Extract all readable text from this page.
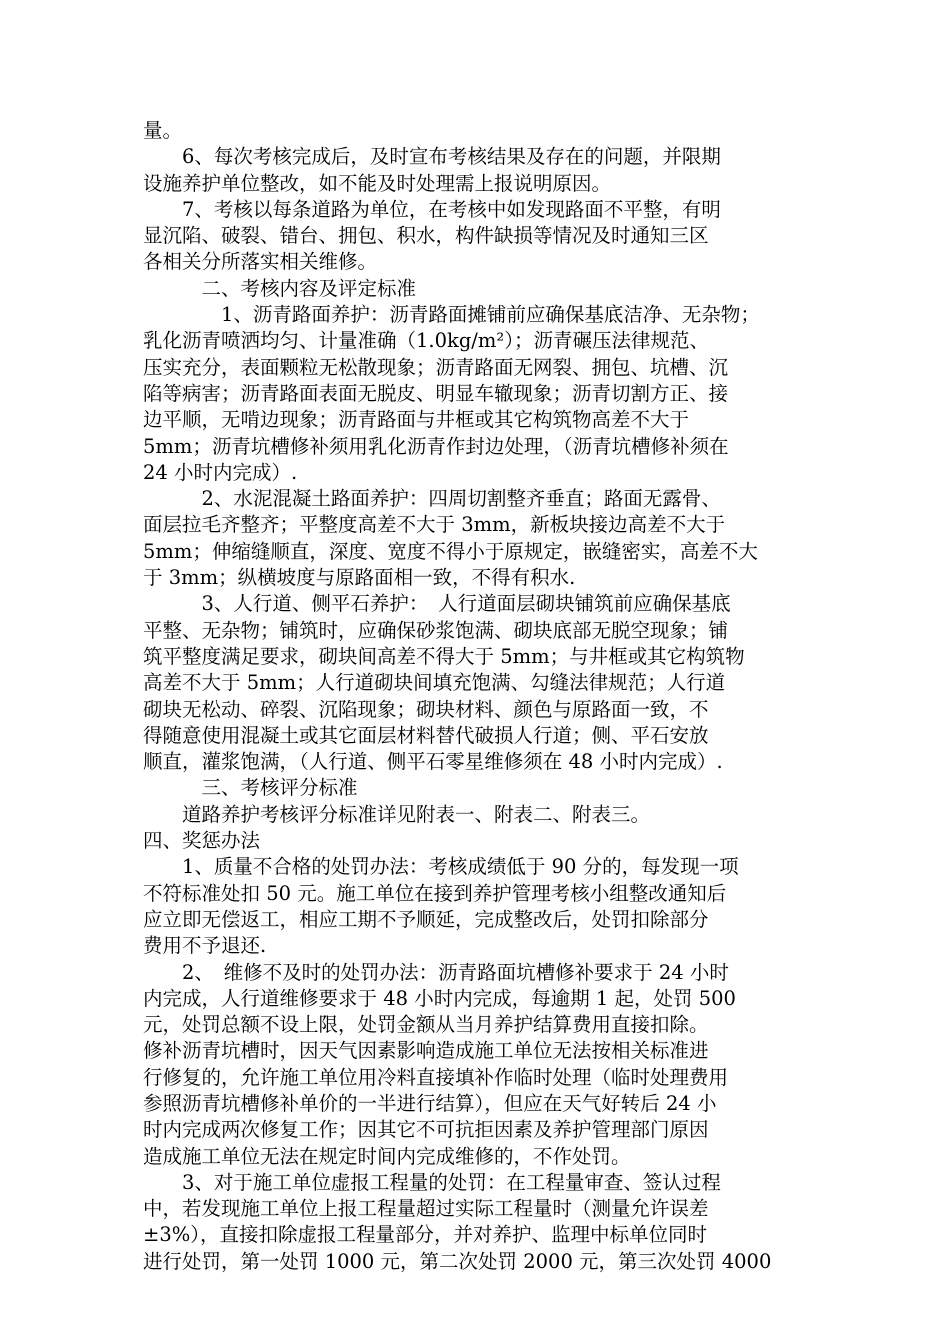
量。
　　6、每次考核完成后，及时宣布考核结果及存在的问题，并限期
设施养护单位整改，如不能及时处理需上报说明原因。
　　7、考核以每条道路为单位，在考核中如发现路面不平整，有明
显沉陷、破裂、错台、拥包、积水，构件缺损等情况及时通知三区
各相关分所落实相关维修。
　　　二、考核内容及评定标准
　　　　1、沥青路面养护：沥青路面摊铺前应确保基底洁净、无杂物；
乳化沥青喷洒均匀、计量准确（1.0kg/m²）；沥青碾压法律规范、
压实充分，表面颗粒无松散现象；沥青路面无网裂、拥包、坑槽、沉
陷等病害；沥青路面表面无脱皮、明显车辙现象；沥青切割方正、接
边平顺，无啃边现象；沥青路面与井框或其它构筑物高差不大于
5mm；沥青坑槽修补须用乳化沥青作封边处理，（沥青坑槽修补须在
24 小时内完成）.
　　　2、水泥混凝土路面养护：四周切割整齐垂直；路面无露骨、
面层拉毛齐整齐；平整度高差不大于 3mm，新板块接边高差不大于
5mm；伸缩缝顺直，深度、宽度不得小于原规定，嵌缝密实，高差不大
于 3mm；纵横坡度与原路面相一致，不得有积水.
　　　3、人行道、侧平石养护：　人行道面层砌块铺筑前应确保基底
平整、无杂物；铺筑时，应确保砂浆饱满、砌块底部无脱空现象；铺
筑平整度满足要求，砌块间高差不得大于 5mm；与井框或其它构筑物
高差不大于 5mm；人行道砌块间填充饱满、勾缝法律规范；人行道
砌块无松动、碎裂、沉陷现象；砌块材料、颜色与原路面一致，不
得随意使用混凝土或其它面层材料替代破损人行道；侧、平石安放
顺直，灌浆饱满，（人行道、侧平石零星维修须在 48 小时内完成）.
　　　三、考核评分标准
　　道路养护考核评分标准详见附表一、附表二、附表三。
四、奖惩办法
　　1、质量不合格的处罚办法：考核成绩低于 90 分的，每发现一项
不符标准处扣 50 元。施工单位在接到养护管理考核小组整改通知后
应立即无偿返工，相应工期不予顺延，完成整改后，处罚扣除部分
费用不予退还.
　　2、　维修不及时的处罚办法：沥青路面坑槽修补要求于 24 小时
内完成，人行道维修要求于 48 小时内完成，每逾期 1 起，处罚 500
元，处罚总额不设上限，处罚金额从当月养护结算费用直接扣除。
修补沥青坑槽时，因天气因素影响造成施工单位无法按相关标准进
行修复的，允许施工单位用冷料直接填补作临时处理（临时处理费用
参照沥青坑槽修补单价的一半进行结算），但应在天气好转后 24 小
时内完成两次修复工作；因其它不可抗拒因素及养护管理部门原因
造成施工单位无法在规定时间内完成维修的，不作处罚。
　　3、对于施工单位虚报工程量的处罚：在工程量审查、签认过程
中，若发现施工单位上报工程量超过实际工程量时（测量允许误差
±3%），直接扣除虚报工程量部分，并对养护、监理中标单位同时
进行处罚，第一处罚 1000 元，第二次处罚 2000 元，第三次处罚 4000
